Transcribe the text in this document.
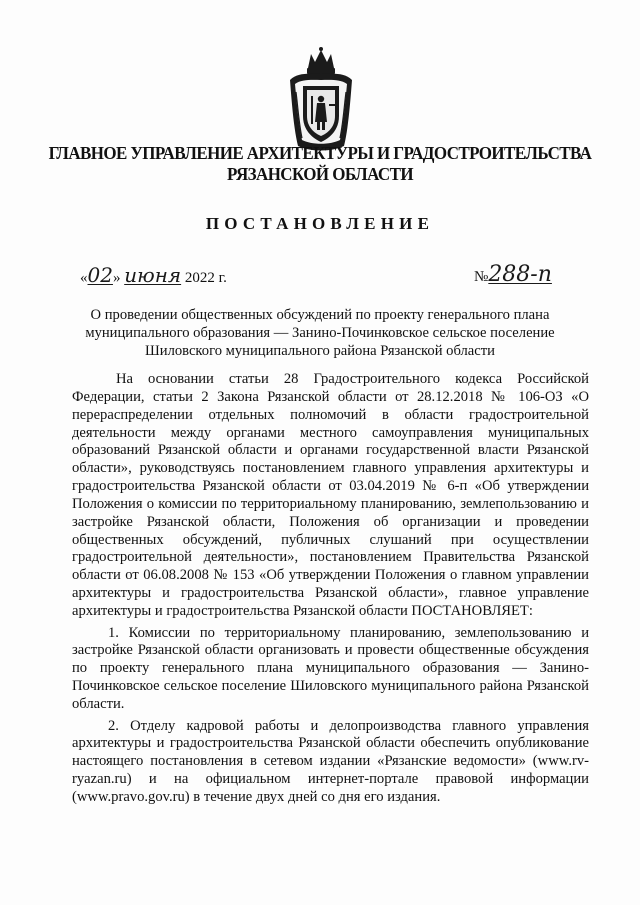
ГЛАВНОЕ УПРАВЛЕНИЕ АРХИТЕКТУРЫ И ГРАДОСТРОИТЕЛЬСТВА
РЯЗАНСКОЙ ОБЛАСТИ
ПОСТАНОВЛЕНИЕ
«02» июня 2022 г.	№288-п
О проведении общественных обсуждений по проекту генерального плана
муниципального образования — Занино-Починковское сельское поселение
Шиловского муниципального района Рязанской области

На основании статьи 28 Градостроительного кодекса Российской Федерации, статьи 2 Закона Рязанской области от 28.12.2018 № 106-ОЗ «О перераспределении отдельных полномочий в области градостроительной деятельности между органами местного самоуправления муниципальных образований Рязанской области и органами государственной власти Рязанской области», руководствуясь постановлением главного управления архитектуры и градостроительства Рязанской области от 03.04.2019 № 6-п «Об утверждении Положения о комиссии по территориальному планированию, землепользованию и застройке Рязанской области, Положения об организации и проведении общественных обсуждений, публичных слушаний при осуществлении градостроительной деятельности», постановлением Правительства Рязанской области от 06.08.2008 № 153 «Об утверждении Положения о главном управлении архитектуры и градостроительства Рязанской области», главное управление архитектуры и градостроительства Рязанской области ПОСТАНОВЛЯЕТ:

1. Комиссии по территориальному планированию, землепользованию и застройке Рязанской области организовать и провести общественные обсуждения по проекту генерального плана муниципального образования — Занино-Починковское сельское поселение Шиловского муниципального района Рязанской области.

2. Отделу кадровой работы и делопроизводства главного управления архитектуры и градостроительства Рязанской области обеспечить опубликование настоящего постановления в сетевом издании «Рязанские ведомости» (www.rv-ryazan.ru) и на официальном интернет-портале правовой информации (www.pravo.gov.ru) в течение двух дней со дня его издания.
